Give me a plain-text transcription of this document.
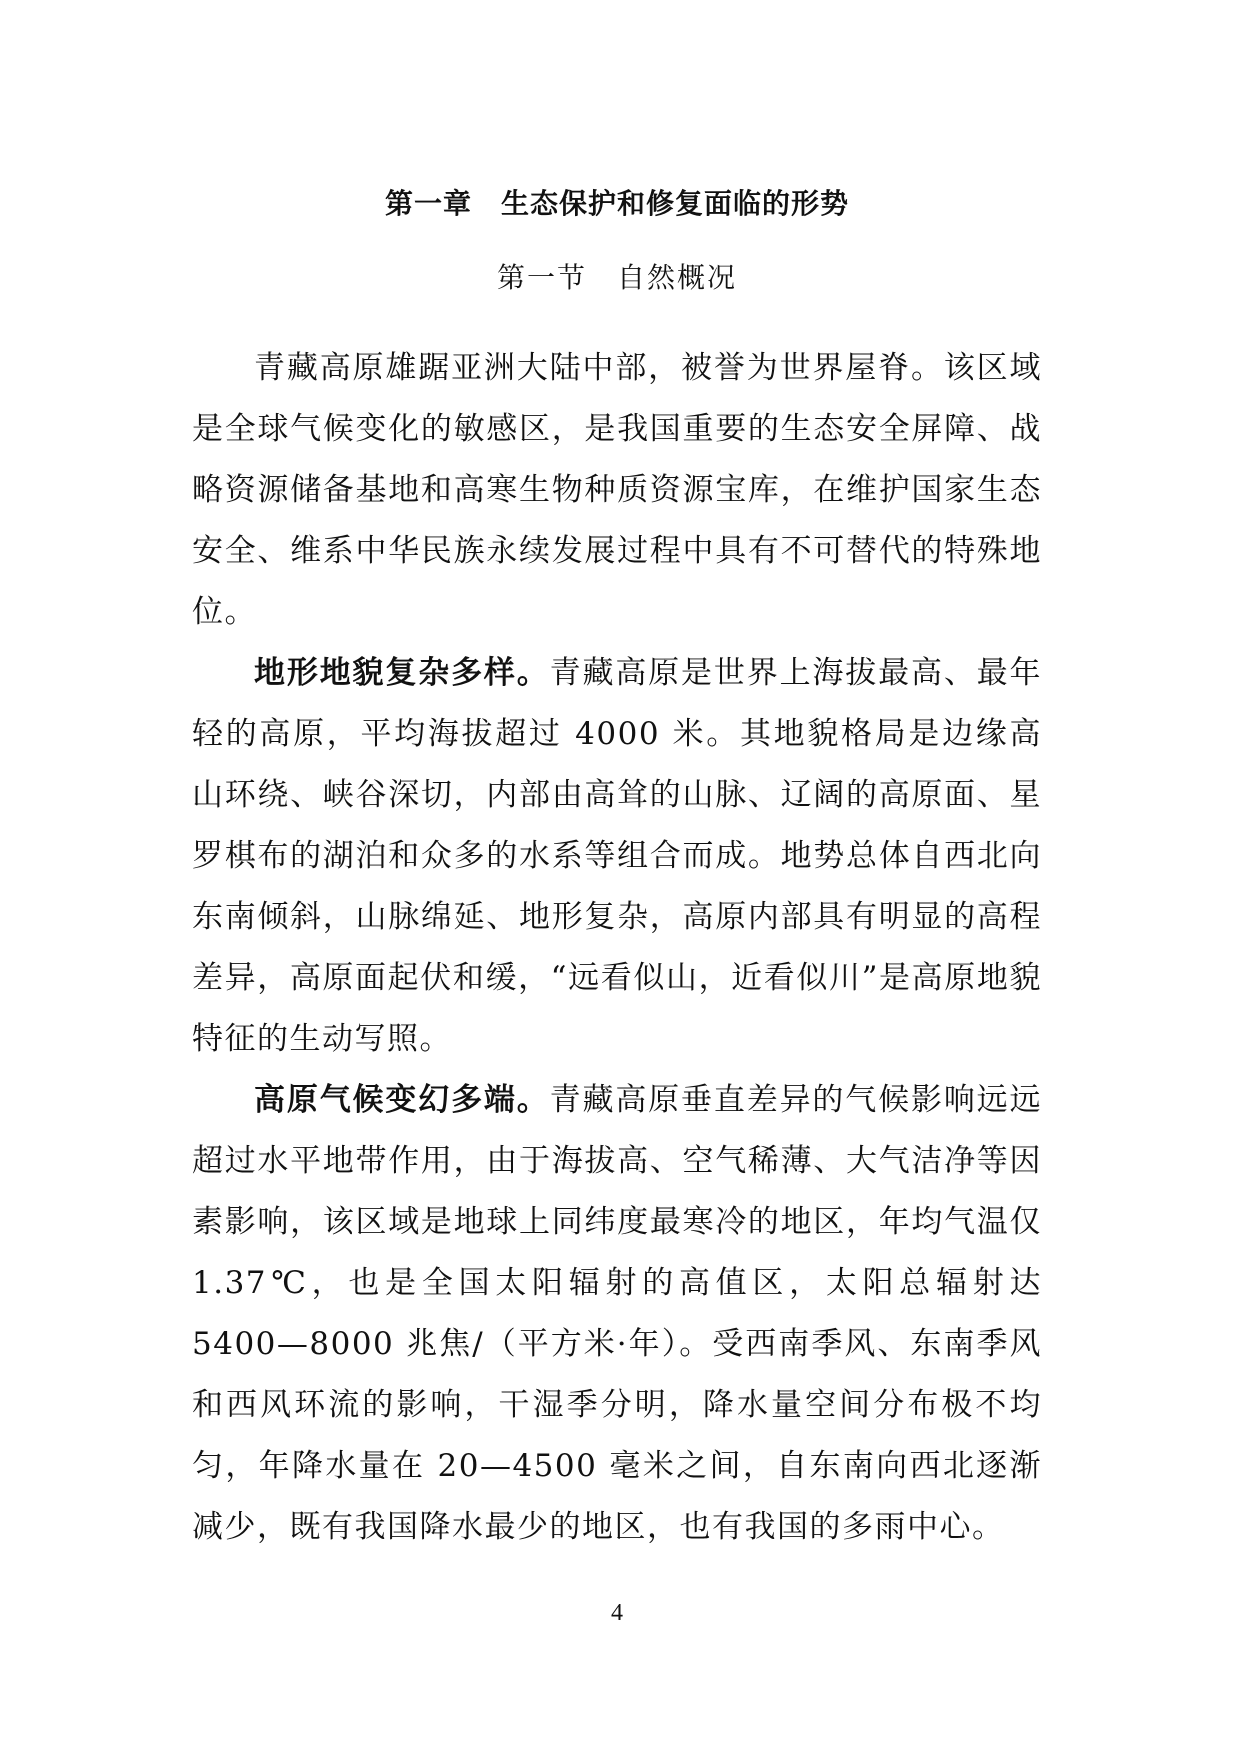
第一章　生态保护和修复面临的形势
第一节　自然概况

青藏高原雄踞亚洲大陆中部，被誉为世界屋脊。该区域是全球气候变化的敏感区，是我国重要的生态安全屏障、战略资源储备基地和高寒生物种质资源宝库，在维护国家生态安全、维系中华民族永续发展过程中具有不可替代的特殊地位。

地形地貌复杂多样。青藏高原是世界上海拔最高、最年轻的高原，平均海拔超过 4000 米。其地貌格局是边缘高山环绕、峡谷深切，内部由高耸的山脉、辽阔的高原面、星罗棋布的湖泊和众多的水系等组合而成。地势总体自西北向东南倾斜，山脉绵延、地形复杂，高原内部具有明显的高程差异，高原面起伏和缓，“远看似山，近看似川”是高原地貌特征的生动写照。

高原气候变幻多端。青藏高原垂直差异的气候影响远远超过水平地带作用，由于海拔高、空气稀薄、大气洁净等因素影响，该区域是地球上同纬度最寒冷的地区，年均气温仅 1.37℃，也是全国太阳辐射的高值区，太阳总辐射达 5400—8000 兆焦/（平方米·年）。受西南季风、东南季风和西风环流的影响，干湿季分明，降水量空间分布极不均匀，年降水量在 20—4500 毫米之间，自东南向西北逐渐减少，既有我国降水最少的地区，也有我国的多雨中心。

4
